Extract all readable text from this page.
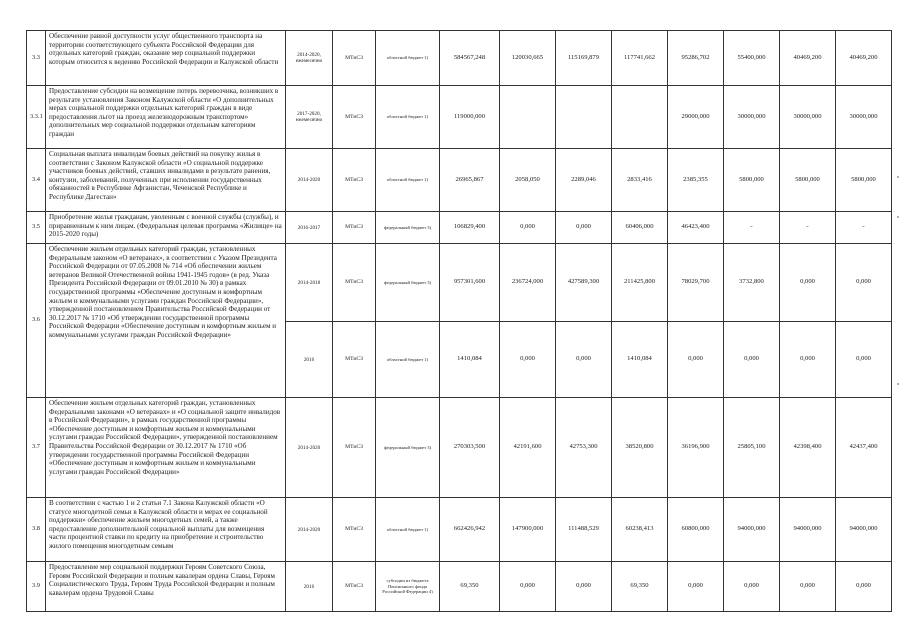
3.3	Обеспечение равной доступности услуг общественного транспорта на территории соответствующего субъекта Российской Федерации для отдельных категорий граждан, оказание мер социальной поддержки которым относится к ведению Российской Федерации и Калужской области	2014-2020, ежемесячно	МТиСЗ	областной бюджет 1)	584567,248	120030,665	115169,879	117741,662	95286,702	55400,000	40469,200	40469,200
3.3.1	Предоставление субсидии на возмещение потерь перевозчика, возникших в результате установления Законом Калужской области «О дополнительных мерах социальной поддержки отдельных категорий граждан в виде предоставления льгот на проезд железнодорожным транспортом» дополнительных мер социальной поддержки отдельным категориям граждан	2017-2020, ежемесячно	МТиСЗ	областной бюджет 1)	119000,000				29000,000	30000,000	30000,000	30000,000
3.4	Социальная выплата инвалидам боевых действий на покупку жилья в соответствии с Законом Калужской области «О социальной поддержке участников боевых действий, ставших инвалидами в результате ранения, контузии, заболеваний, полученных при исполнении государственных обязанностей в Республике Афганистан, Чеченской Республике и Республике Дагестан»	2014-2020	МТиСЗ	областной бюджет 1)	26965,867	2058,050	2289,046	2833,416	2385,355	5800,000	5800,000	5800,000
3.5	Приобретение жилья гражданам, уволенным с военной службы (службы), и приравненным к ним лицам. (Федеральная целевая программа «Жилище» на 2015-2020 годы)	2016-2017	МТиСЗ	федеральный бюджет 3)	106829,400	0,000	0,000	60406,000	46423,400	-	-	-
3.6	Обеспечение жильем отдельных категорий граждан, установленных Федеральным законом «О ветеранах», в соответствии с Указом Президента Российской Федерации от 07.05.2008 № 714 «Об обеспечении жильем ветеранов Великой Отечественной войны 1941-1945 годов» (в ред. Указа Президента Российской Федерации от 09.01.2010 № 30) в рамках государственной программы «Обеспечение доступным и комфортным жильем и коммунальными услугами граждан Российской Федерации», утвержденной постановлением Правительства Российской Федерации от 30.12.2017 № 1710 «Об утверждении государственной программы Российской Федерации «Обеспечение доступным и комфортным жильем и коммунальными услугами граждан Российской Федерации»	2014-2018	МТиСЗ	федеральный бюджет 3)	957301,600	236724,000	427589,300	211425,800	78029,700	3732,800	0,000	0,000
		2016	МТиСЗ	областной бюджет 1)	1410,084	0,000	0,000	1410,084	0,000	0,000	0,000	0,000
3.7	Обеспечение жильем отдельных категорий граждан, установленных Федеральными законами «О ветеранах» и «О социальной защите инвалидов в Российской Федерации», в рамках государственной программы «Обеспечение доступным и комфортным жильем и коммунальными услугами граждан Российской Федерации», утвержденной постановлением Правительства Российской Федерации от 30.12.2017 № 1710 «Об утверждении государственной программы Российской Федерации «Обеспечение доступным и комфортным жильем и коммунальными услугами граждан Российской Федерации»	2014-2020	МТиСЗ	федеральный бюджет 3)	270303,500	42191,600	42753,300	38520,800	36196,900	25805,100	42398,400	42437,400
3.8	В соответствии с частью 1 и 2 статьи 7.1 Закона Калужской области «О статусе многодетной семьи в Калужской области и мерах ее социальной поддержки» обеспечение жильем многодетных семей, а также предоставление дополнительной социальной выплаты для возмещения части процентной ставки по кредиту на приобретение и строительство жилого помещения многодетным семьям	2014-2020	МТиСЗ	областной бюджет 1)	662426,942	147900,000	111488,529	60238,413	60800,000	94000,000	94000,000	94000,000
3.9	Предоставление мер социальной поддержки Героям Советского Союза, Героям Российской Федерации и полным кавалерам ордена Славы, Героям Социалистического Труда, Героям Труда Российской Федерации и полным кавалерам ордена Трудовой Славы	2016	МТиСЗ	субсидии из бюджета Пенсионного фонда Российской Федерации 4)	69,350	0,000	0,000	69,350	0,000	0,000	0,000	0,000
